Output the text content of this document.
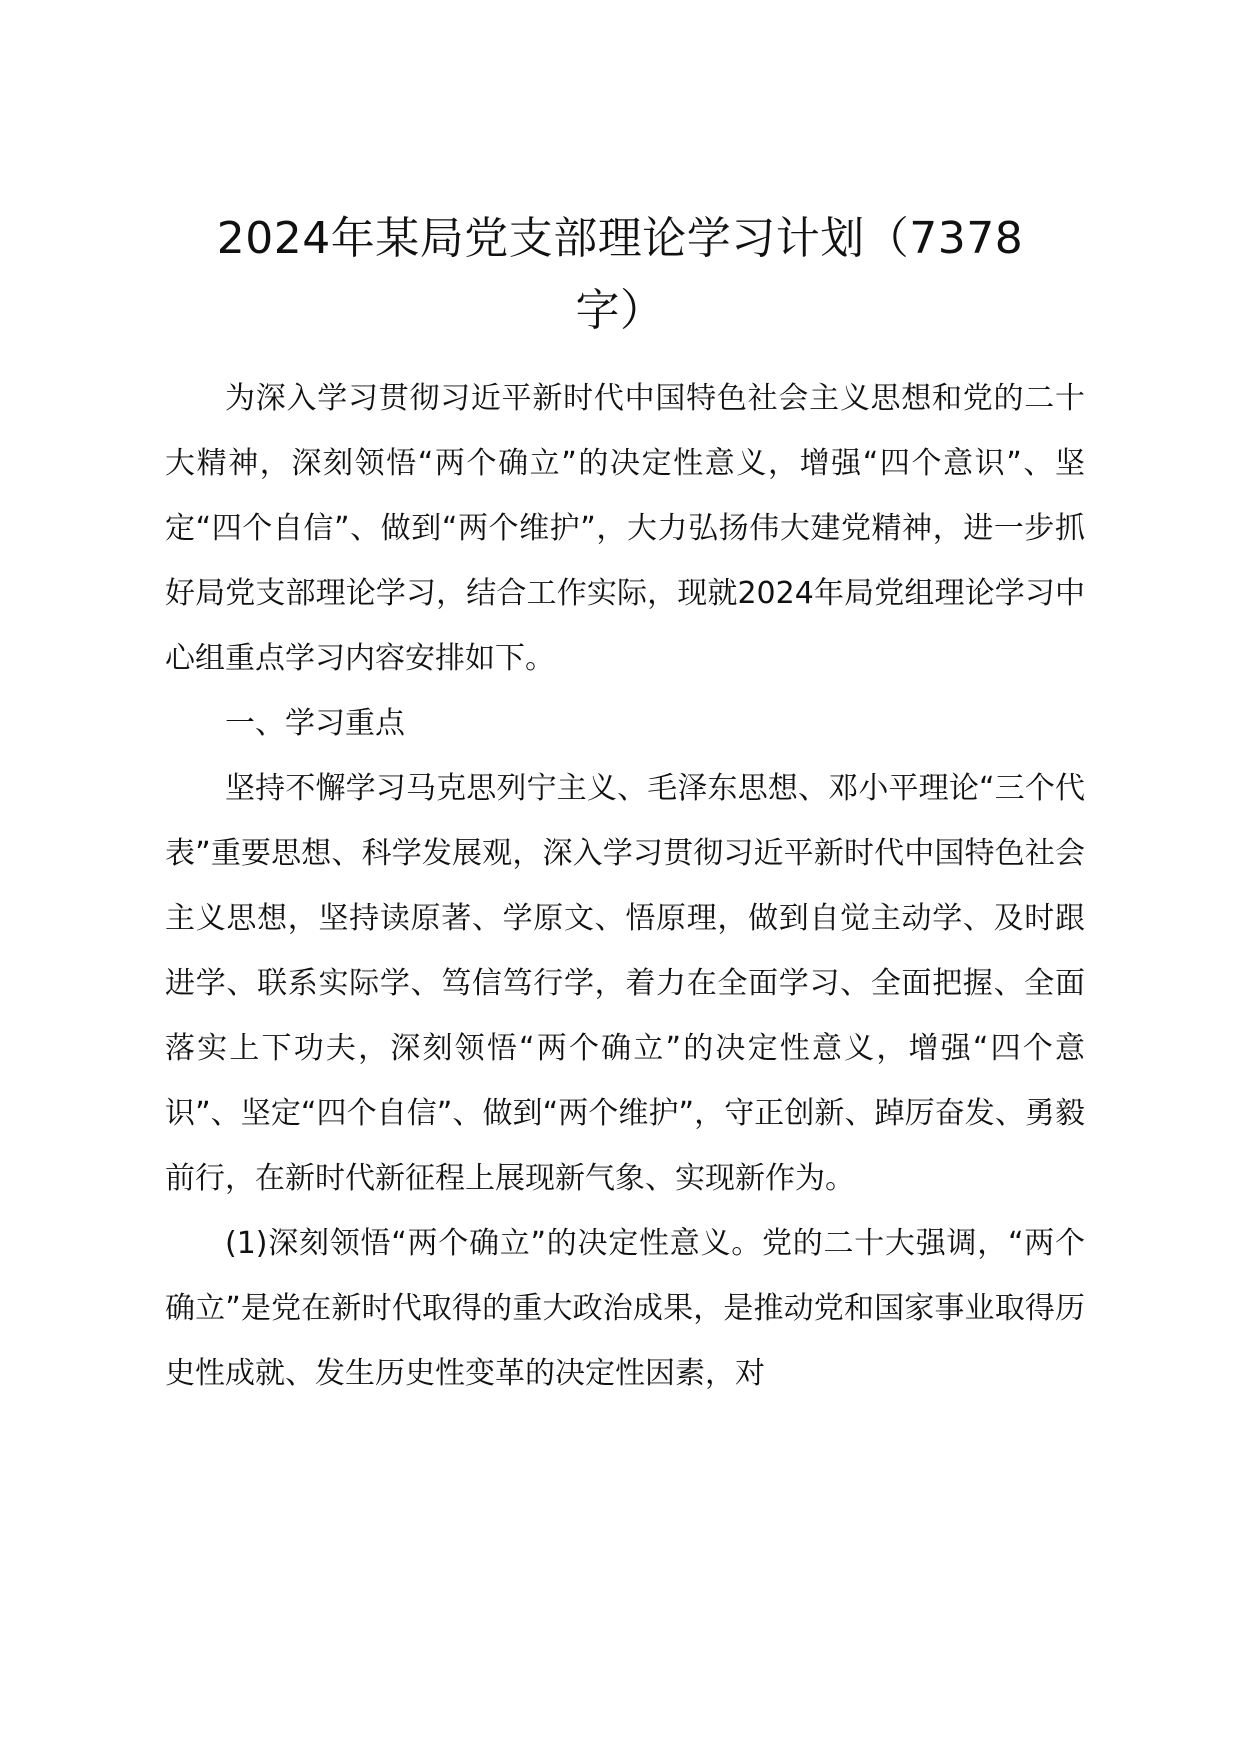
2024年某局党支部理论学习计划（7378
字）

为深入学习贯彻习近平新时代中国特色社会主义思想和党的二十大精神，深刻领悟“两个确立”的决定性意义，增强“四个意识”、坚定“四个自信”、做到“两个维护”，大力弘扬伟大建党精神，进一步抓好局党支部理论学习，结合工作实际，现就2024年局党组理论学习中心组重点学习内容安排如下。

一、学习重点

坚持不懈学习马克思列宁主义、毛泽东思想、邓小平理论“三个代表”重要思想、科学发展观，深入学习贯彻习近平新时代中国特色社会主义思想，坚持读原著、学原文、悟原理，做到自觉主动学、及时跟进学、联系实际学、笃信笃行学，着力在全面学习、全面把握、全面落实上下功夫，深刻领悟“两个确立”的决定性意义，增强“四个意识”、坚定“四个自信”、做到“两个维护”，守正创新、踔厉奋发、勇毅前行，在新时代新征程上展现新气象、实现新作为。

(1)深刻领悟“两个确立”的决定性意义。党的二十大强调，“两个确立”是党在新时代取得的重大政治成果，是推动党和国家事业取得历史性成就、发生历史性变革的决定性因素，对
